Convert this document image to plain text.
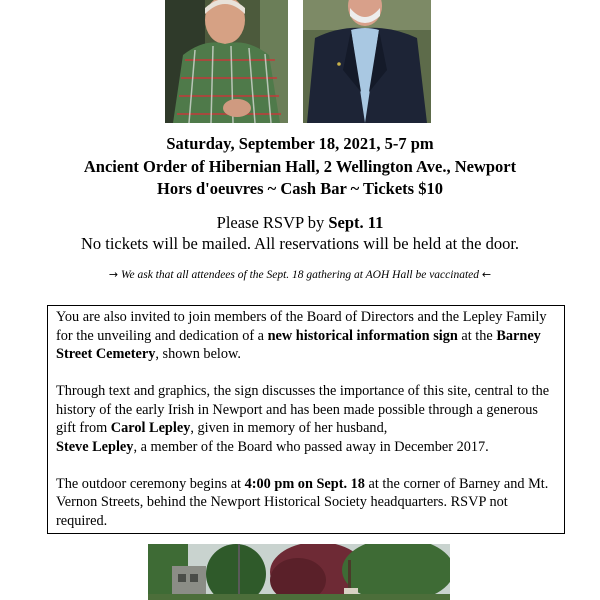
Saturday, September 18, 2021, 5-7 pm
Ancient Order of Hibernian Hall, 2 Wellington Ave., Newport
Hors d'oeuvres ~ Cash Bar ~ Tickets $10
Please RSVP by Sept. 11
No tickets will be mailed. All reservations will be held at the door.
→ We ask that all attendees of the Sept. 18 gathering at AOH Hall be vaccinated ←

You are also invited to join members of the Board of Directors and the Lepley Family for the unveiling and dedication of a new historical information sign at the Barney Street Cemetery, shown below.

Through text and graphics, the sign discusses the importance of this site, central to the history of the early Irish in Newport and has been made possible through a generous gift from Carol Lepley, given in memory of her husband,
Steve Lepley, a member of the Board who passed away in December 2017.

The outdoor ceremony begins at 4:00 pm on Sept. 18 at the corner of Barney and Mt. Vernon Streets, behind the Newport Historical Society headquarters. RSVP not required.
